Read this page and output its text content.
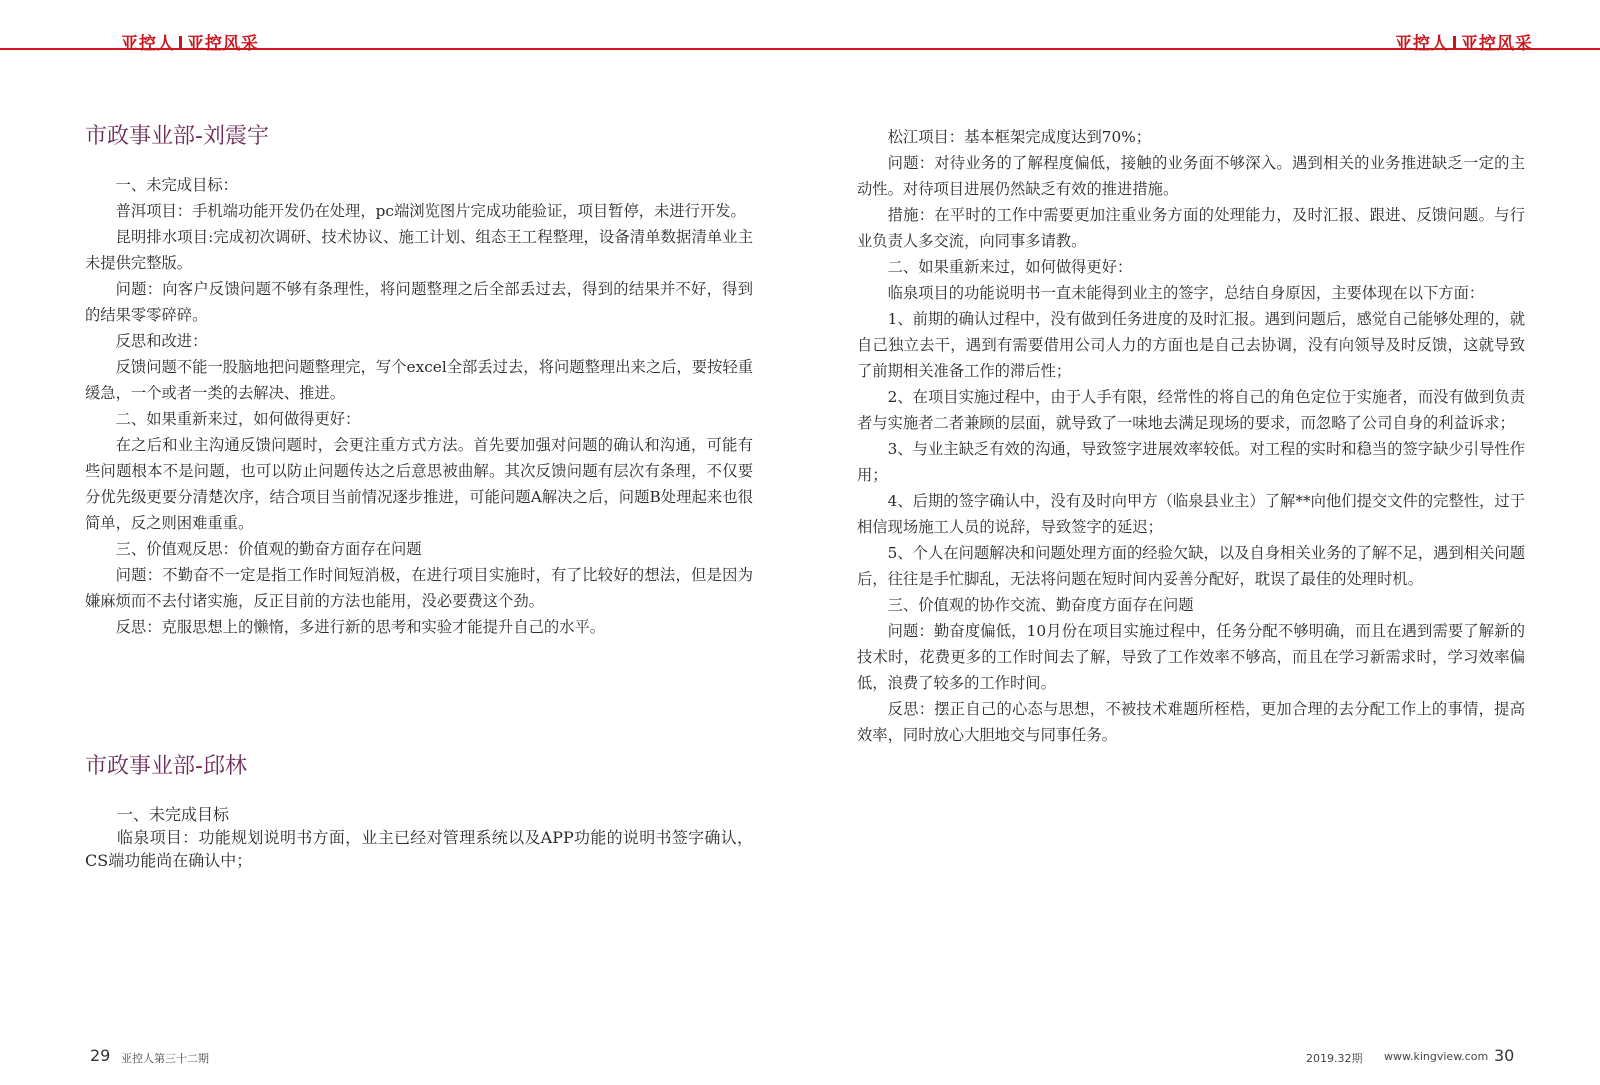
亚控人 亚控风采	亚控人 亚控风采
市政事业部-刘震宇

一、未完成目标：

普洱项目：手机端功能开发仍在处理，pc端浏览图片完成功能验证，项目暂停，未进行开发。

昆明排水项目:完成初次调研、技术协议、施工计划、组态王工程整理，设备清单数据清单业主未提供完整版。

问题：向客户反馈问题不够有条理性，将问题整理之后全部丢过去，得到的结果并不好，得到的结果零零碎碎。

反思和改进：

反馈问题不能一股脑地把问题整理完，写个excel全部丢过去，将问题整理出来之后，要按轻重缓急，一个或者一类的去解决、推进。

二、如果重新来过，如何做得更好：

在之后和业主沟通反馈问题时，会更注重方式方法。首先要加强对问题的确认和沟通，可能有些问题根本不是问题，也可以防止问题传达之后意思被曲解。其次反馈问题有层次有条理，不仅要分优先级更要分清楚次序，结合项目当前情况逐步推进，可能问题A解决之后，问题B处理起来也很简单，反之则困难重重。

三、价值观反思：价值观的勤奋方面存在问题

问题：不勤奋不一定是指工作时间短消极，在进行项目实施时，有了比较好的想法，但是因为嫌麻烦而不去付诸实施，反正目前的方法也能用，没必要费这个劲。

反思：克服思想上的懒惰，多进行新的思考和实验才能提升自己的水平。

市政事业部-邱林

一、未完成目标

临泉项目：功能规划说明书方面，业主已经对管理系统以及APP功能的说明书签字确认，CS端功能尚在确认中；

松江项目：基本框架完成度达到70%；

问题：对待业务的了解程度偏低，接触的业务面不够深入。遇到相关的业务推进缺乏一定的主动性。对待项目进展仍然缺乏有效的推进措施。

措施：在平时的工作中需要更加注重业务方面的处理能力，及时汇报、跟进、反馈问题。与行业负责人多交流，向同事多请教。

二、如果重新来过，如何做得更好：

临泉项目的功能说明书一直未能得到业主的签字，总结自身原因，主要体现在以下方面：

1、前期的确认过程中，没有做到任务进度的及时汇报。遇到问题后，感觉自己能够处理的，就自己独立去干，遇到有需要借用公司人力的方面也是自己去协调，没有向领导及时反馈，这就导致了前期相关准备工作的滞后性；

2、在项目实施过程中，由于人手有限，经常性的将自己的角色定位于实施者，而没有做到负责者与实施者二者兼顾的层面，就导致了一味地去满足现场的要求，而忽略了公司自身的利益诉求；

3、与业主缺乏有效的沟通，导致签字进展效率较低。对工程的实时和稳当的签字缺少引导性作用；

4、后期的签字确认中，没有及时向甲方（临泉县业主）了解**向他们提交文件的完整性，过于相信现场施工人员的说辞，导致签字的延迟；

5、个人在问题解决和问题处理方面的经验欠缺，以及自身相关业务的了解不足，遇到相关问题后，往往是手忙脚乱，无法将问题在短时间内妥善分配好，耽误了最佳的处理时机。

三、价值观的协作交流、勤奋度方面存在问题

问题：勤奋度偏低，10月份在项目实施过程中，任务分配不够明确，而且在遇到需要了解新的技术时，花费更多的工作时间去了解，导致了工作效率不够高，而且在学习新需求时，学习效率偏低，浪费了较多的工作时间。

反思：摆正自己的心态与思想，不被技术难题所桎梏，更加合理的去分配工作上的事情，提高效率，同时放心大胆地交与同事任务。

29 亚控人第三十二期	2019.32期 www.kingview.com 30
